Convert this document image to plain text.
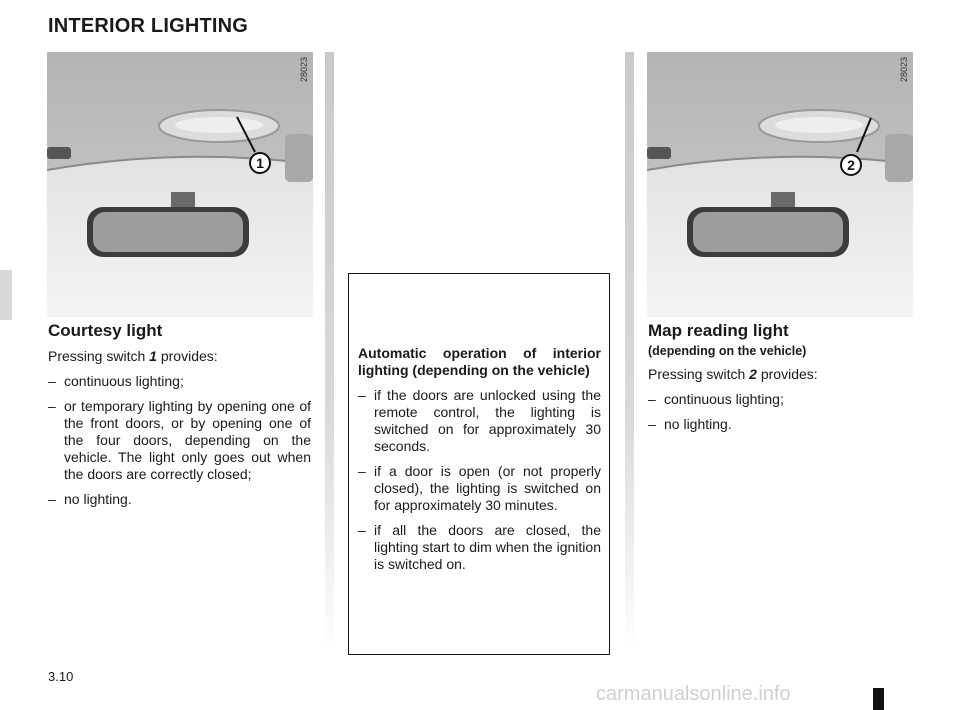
INTERIOR LIGHTING
28023
1
28023
2
Courtesy light

Pressing switch 1 provides:

– continuous lighting;
– or temporary lighting by opening one of the front doors, or by opening one of the four doors, depending on the vehicle. The light only goes out when the doors are correctly closed;
– no lighting.
Automatic operation of interior lighting (depending on the vehicle)
– if the doors are unlocked using the remote control, the lighting is switched on for approximately 30 seconds.
– if a door is open (or not properly closed), the lighting is switched on for approximately 30 minutes.
– if all the doors are closed, the lighting start to dim when the ignition is switched on.
Map reading light
(depending on the vehicle)

Pressing switch 2 provides:

– continuous lighting;
– no lighting.
3.10
carmanualsonline.info
